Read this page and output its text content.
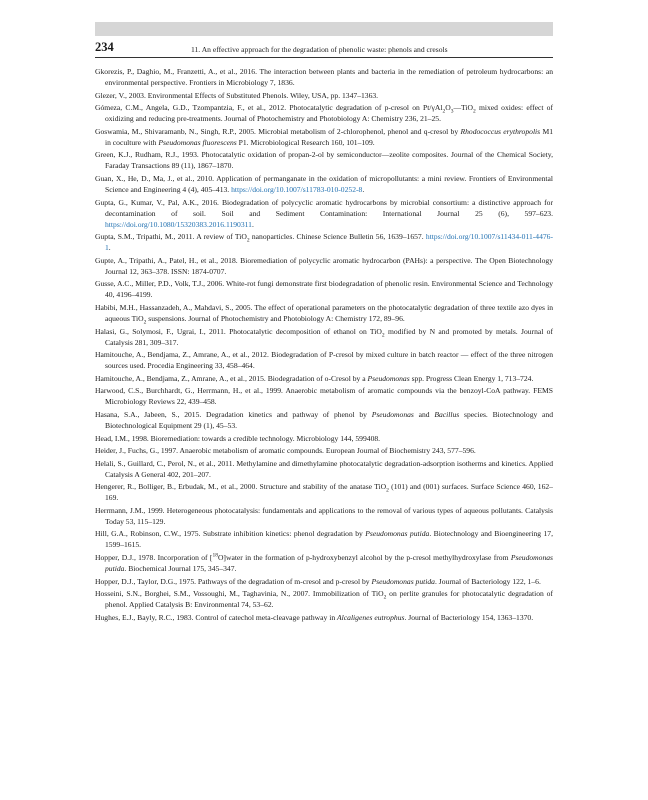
234	11. An effective approach for the degradation of phenolic waste: phenols and cresols

Gkorezis, P., Daghio, M., Franzetti, A., et al., 2016. The interaction between plants and bacteria in the remediation of petroleum hydrocarbons: an environmental perspective. Frontiers in Microbiology 7, 1836.

Glezer, V., 2003. Environmental Effects of Substituted Phenols. Wiley, USA, pp. 1347–1363.

Gómeza, C.M., Angela, G.D., Tzompantzia, F., et al., 2012. Photocatalytic degradation of p-cresol on $Pt/\gamma Al_2O_3—TiO_2$ mixed oxides: effect of oxidizing and reducing pre-treatments. Journal of Photochemistry and Photobiology A: Chemistry 236, 21–25.

Goswamia, M., Shivaramanb, N., Singh, R.P., 2005. Microbial metabolism of 2-chlorophenol, phenol and q-cresol by Rhodococcus erythropolis M1 in coculture with Pseudomonas fluorescens P1. Microbiological Research 160, 101–109.

Green, K.J., Rudham, R.J., 1993. Photocatalytic oxidation of propan-2-ol by semiconductor—zeolite composites. Journal of the Chemical Society, Faraday Transactions 89 (11), 1867–1870.

Guan, X., He, D., Ma, J., et al., 2010. Application of permanganate in the oxidation of micropollutants: a mini review. Frontiers of Environmental Science and Engineering 4 (4), 405–413. https://doi.org/10.1007/s11783-010-0252-8.

Gupta, G., Kumar, V., Pal, A.K., 2016. Biodegradation of polycyclic aromatic hydrocarbons by microbial consortium: a distinctive approach for decontamination of soil. Soil and Sediment Contamination: International Journal 25 (6), 597–623. https://doi.org/10.1080/15320383.2016.1190311.

Gupta, S.M., Tripathi, M., 2011. A review of TiO$_2$ nanoparticles. Chinese Science Bulletin 56, 1639–1657. https://doi.org/10.1007/s11434-011-4476-1.

Gupte, A., Tripathi, A., Patel, H., et al., 2018. Bioremediation of polycyclic aromatic hydrocarbon (PAHs): a perspective. The Open Biotechnology Journal 12, 363–378. ISSN: 1874-0707.

Gusse, A.C., Miller, P.D., Volk, T.J., 2006. White-rot fungi demonstrate first biodegradation of phenolic resin. Environmental Science and Technology 40, 4196–4199.

Habibi, M.H., Hassanzadeh, A., Mahdavi, S., 2005. The effect of operational parameters on the photocatalytic degradation of three textile azo dyes in aqueous TiO$_2$ suspensions. Journal of Photochemistry and Photobiology A: Chemistry 172, 89–96.

Halasi, G., Solymosi, F., Ugrai, I., 2011. Photocatalytic decomposition of ethanol on TiO$_2$ modified by N and promoted by metals. Journal of Catalysis 281, 309–317.

Hamitouche, A., Bendjama, Z., Amrane, A., et al., 2012. Biodegradation of P-cresol by mixed culture in batch reactor — effect of the three nitrogen sources used. Procedia Engineering 33, 458–464.

Hamitouche, A., Bendjama, Z., Amrane, A., et al., 2015. Biodegradation of o-Cresol by a Pseudomonas spp. Progress Clean Energy 1, 713–724.

Harwood, C.S., Burchhardt, G., Herrmann, H., et al., 1999. Anaerobic metabolism of aromatic compounds via the benzoyl-CoA pathway. FEMS Microbiology Reviews 22, 439–458.

Hasana, S.A., Jabeen, S., 2015. Degradation kinetics and pathway of phenol by Pseudomonas and Bacillus species. Biotechnology and Biotechnological Equipment 29 (1), 45–53.

Head, I.M., 1998. Bioremediation: towards a credible technology. Microbiology 144, 599408.

Heider, J., Fuchs, G., 1997. Anaerobic metabolism of aromatic compounds. European Journal of Biochemistry 243, 577–596.

Helali, S., Guillard, C., Perol, N., et al., 2011. Methylamine and dimethylamine photocatalytic degradation-adsorption isotherms and kinetics. Applied Catalysis A General 402, 201–207.

Hengerer, R., Bolliger, B., Erbudak, M., et al., 2000. Structure and stability of the anatase TiO$_2$ (101) and (001) surfaces. Surface Science 460, 162–169.

Herrmann, J.M., 1999. Heterogeneous photocatalysis: fundamentals and applications to the removal of various types of aqueous pollutants. Catalysis Today 53, 115–129.

Hill, G.A., Robinson, C.W., 1975. Substrate inhibition kinetics: phenol degradation by Pseudomonas putida. Biotechnology and Bioengineering 17, 1599–1615.

Hopper, D.J., 1978. Incorporation of [$^{18}$O]water in the formation of p-hydroxybenzyl alcohol by the p-cresol methylhydroxylase from Pseudomonas putida. Biochemical Journal 175, 345–347.

Hopper, D.J., Taylor, D.G., 1975. Pathways of the degradation of m-cresol and p-cresol by Pseudomonas putida. Journal of Bacteriology 122, 1–6.

Hosseini, S.N., Borghei, S.M., Vossoughi, M., Taghavinia, N., 2007. Immobilization of TiO$_2$ on perlite granules for photocatalytic degradation of phenol. Applied Catalysis B: Environmental 74, 53–62.

Hughes, E.J., Bayly, R.C., 1983. Control of catechol meta-cleavage pathway in Alcaligenes eutrophus. Journal of Bacteriology 154, 1363–1370.
